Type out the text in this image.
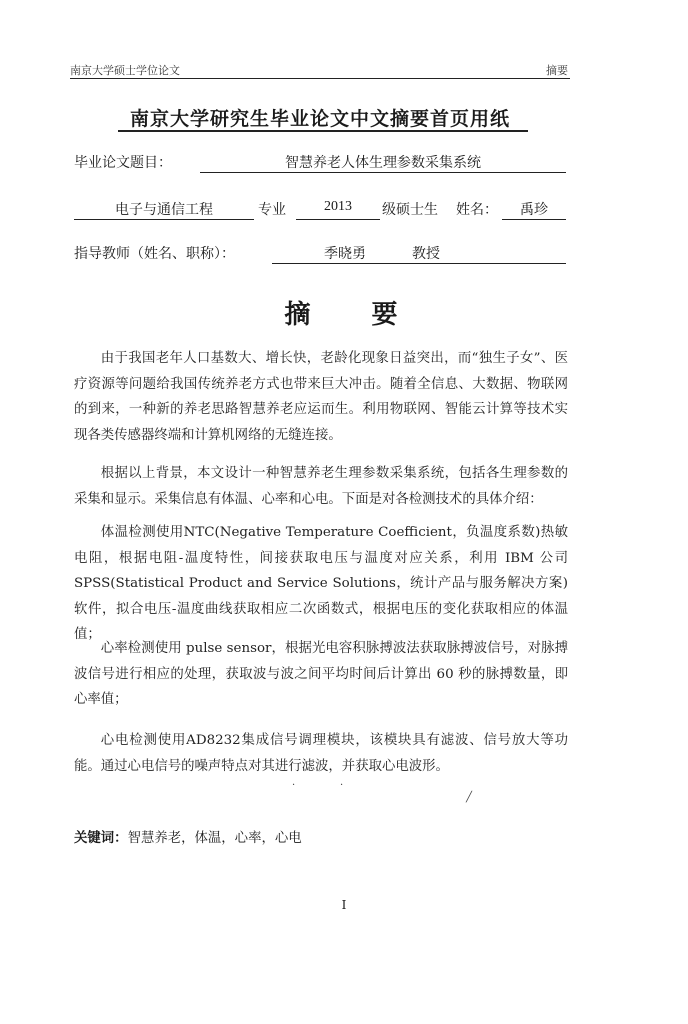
南京大学硕士学位论文	摘要
南京大学研究生毕业论文中文摘要首页用纸
毕业论文题目：	智慧养老人体生理参数采集系统
电子与通信工程	专业	2013	级硕士生 姓名：	禹珍
指导教师（姓名、职称）：	季晓勇	教授
摘 要

由于我国老年人口基数大、增长快，老龄化现象日益突出，而“独生子女”、医疗资源等问题给我国传统养老方式也带来巨大冲击。随着全信息、大数据、物联网的到来，一种新的养老思路智慧养老应运而生。利用物联网、智能云计算等技术实现各类传感器终端和计算机网络的无缝连接。

根据以上背景，本文设计一种智慧养老生理参数采集系统，包括各生理参数的采集和显示。采集信息有体温、心率和心电。下面是对各检测技术的具体介绍：

体温检测使用NTC(Negative Temperature Coefficient，负温度系数)热敏电阻，根据电阻-温度特性，间接获取电压与温度对应关系，利用 IBM 公司SPSS(Statistical Product and Service Solutions，统计产品与服务解决方案)软件，拟合电压-温度曲线获取相应二次函数式，根据电压的变化获取相应的体温值；

心率检测使用 pulse sensor，根据光电容积脉搏波法获取脉搏波信号，对脉搏波信号进行相应的处理，获取波与波之间平均时间后计算出 60 秒的脉搏数量，即心率值；

心电检测使用AD8232集成信号调理模块，该模块具有滤波、信号放大等功能。通过心电信号的噪声特点对其进行滤波，并获取心电波形。

·	·
╱
关键词：智慧养老，体温，心率，心电
I
